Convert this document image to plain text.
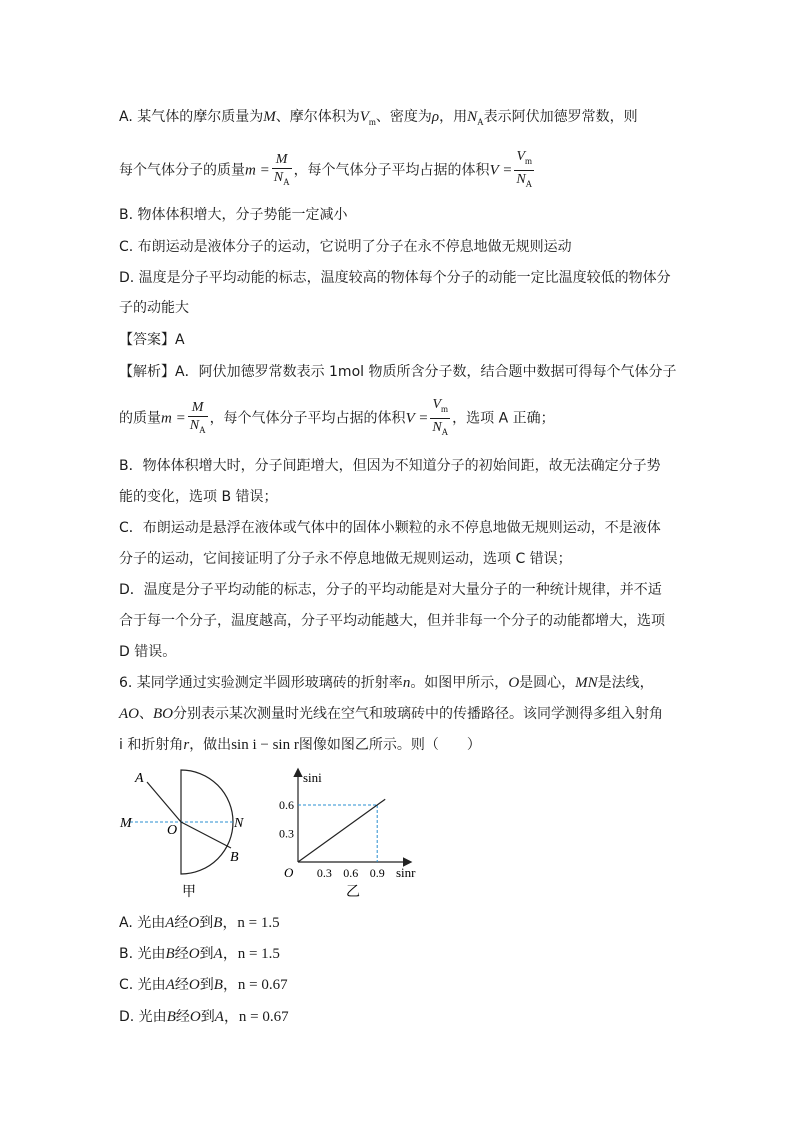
A. 某气体的摩尔质量为M、摩尔体积为$V_m$、密度为ρ，用$N_A$表示阿伏加德罗常数，则
每个气体分子的质量$m = \frac{M}{N_A}$ ，每个气体分子平均占据的体积$V = \frac{V_m}{N_A}$
B. 物体体积增大，分子势能一定减小
C. 布朗运动是液体分子的运动，它说明了分子在永不停息地做无规则运动
D. 温度是分子平均动能的标志，温度较高的物体每个分子的动能一定比温度较低的物体分
子的动能大
【答案】A
【解析】A．阿伏加德罗常数表示 1mol 物质所含分子数，结合题中数据可得每个气体分子
的质量$m = \frac{M}{N_A}$ ，每个气体分子平均占据的体积$V = \frac{V_m}{N_A}$ ，选项 A 正确；
B．物体体积增大时，分子间距增大，但因为不知道分子的初始间距，故无法确定分子势
能的变化，选项 B 错误；
C．布朗运动是悬浮在液体或气体中的固体小颗粒的永不停息地做无规则运动，不是液体
分子的运动，它间接证明了分子永不停息地做无规则运动，选项 C 错误；
D．温度是分子平均动能的标志，分子的平均动能是对大量分子的一种统计规律，并不适
合于每一个分子，温度越高，分子平均动能越大，但并非每一个分子的动能都增大，选项
D 错误。
6. 某同学通过实验测定半圆形玻璃砖的折射率n。如图甲所示，O是圆心，MN是法线，
AO、BO分别表示某次测量时光线在空气和玻璃砖中的传播路径。该同学测得多组入射角
i 和折射角r，做出sin i − sin r图像如图乙所示。则（　　）
A
M	O	N
B
甲
0.3 0.6 0.9
0.3
0.6
O
sini
sinr
乙
A. 光由A经O到B，n = 1.5
B. 光由B经O到A，n = 1.5
C. 光由A经O到B，n = 0.67
D. 光由B经O到A，n = 0.67
